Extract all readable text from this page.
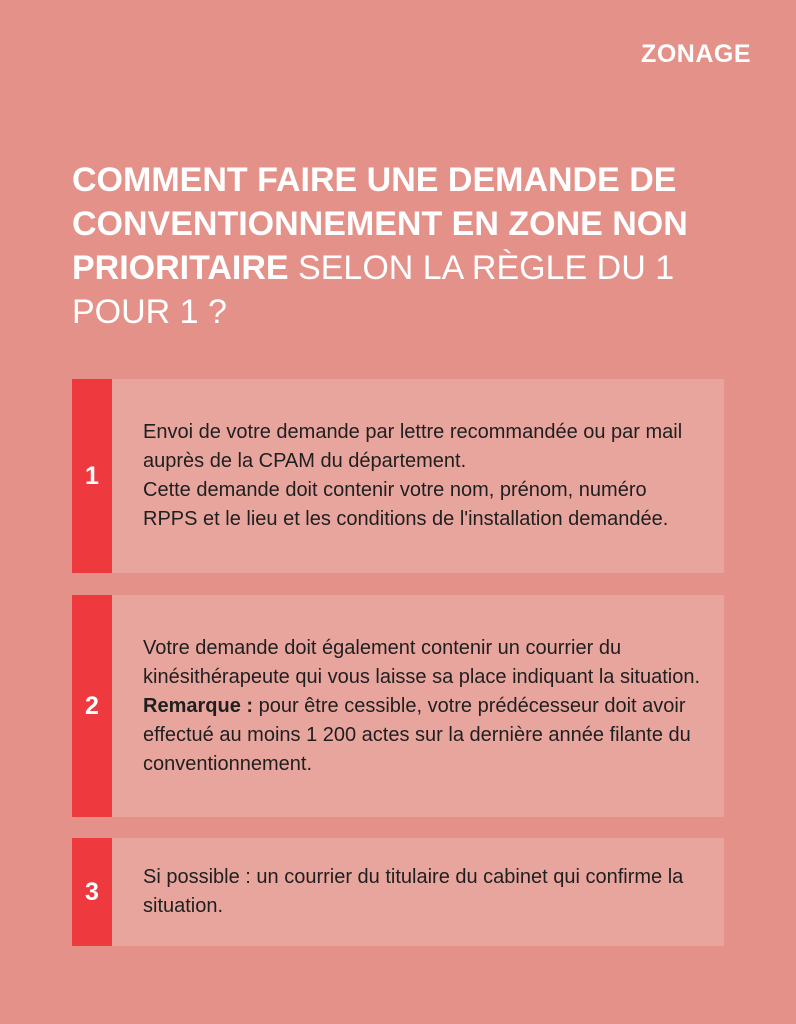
ZONAGE
COMMENT FAIRE UNE DEMANDE DE CONVENTIONNEMENT EN ZONE NON PRIORITAIRE SELON LA RÈGLE DU 1 POUR 1 ?
1

Envoi de votre demande par lettre recommandée ou par mail auprès de la CPAM du département.
Cette demande doit contenir votre nom, prénom, numéro RPPS et le lieu et les conditions de l'installation demandée.

2

Votre demande doit également contenir un courrier du kinésithérapeute qui vous laisse sa place indiquant la situation.
Remarque : pour être cessible, votre prédécesseur doit avoir effectué au moins 1 200 actes sur la dernière année filante du conventionnement.

3

Si possible : un courrier du titulaire du cabinet qui confirme la situation.
